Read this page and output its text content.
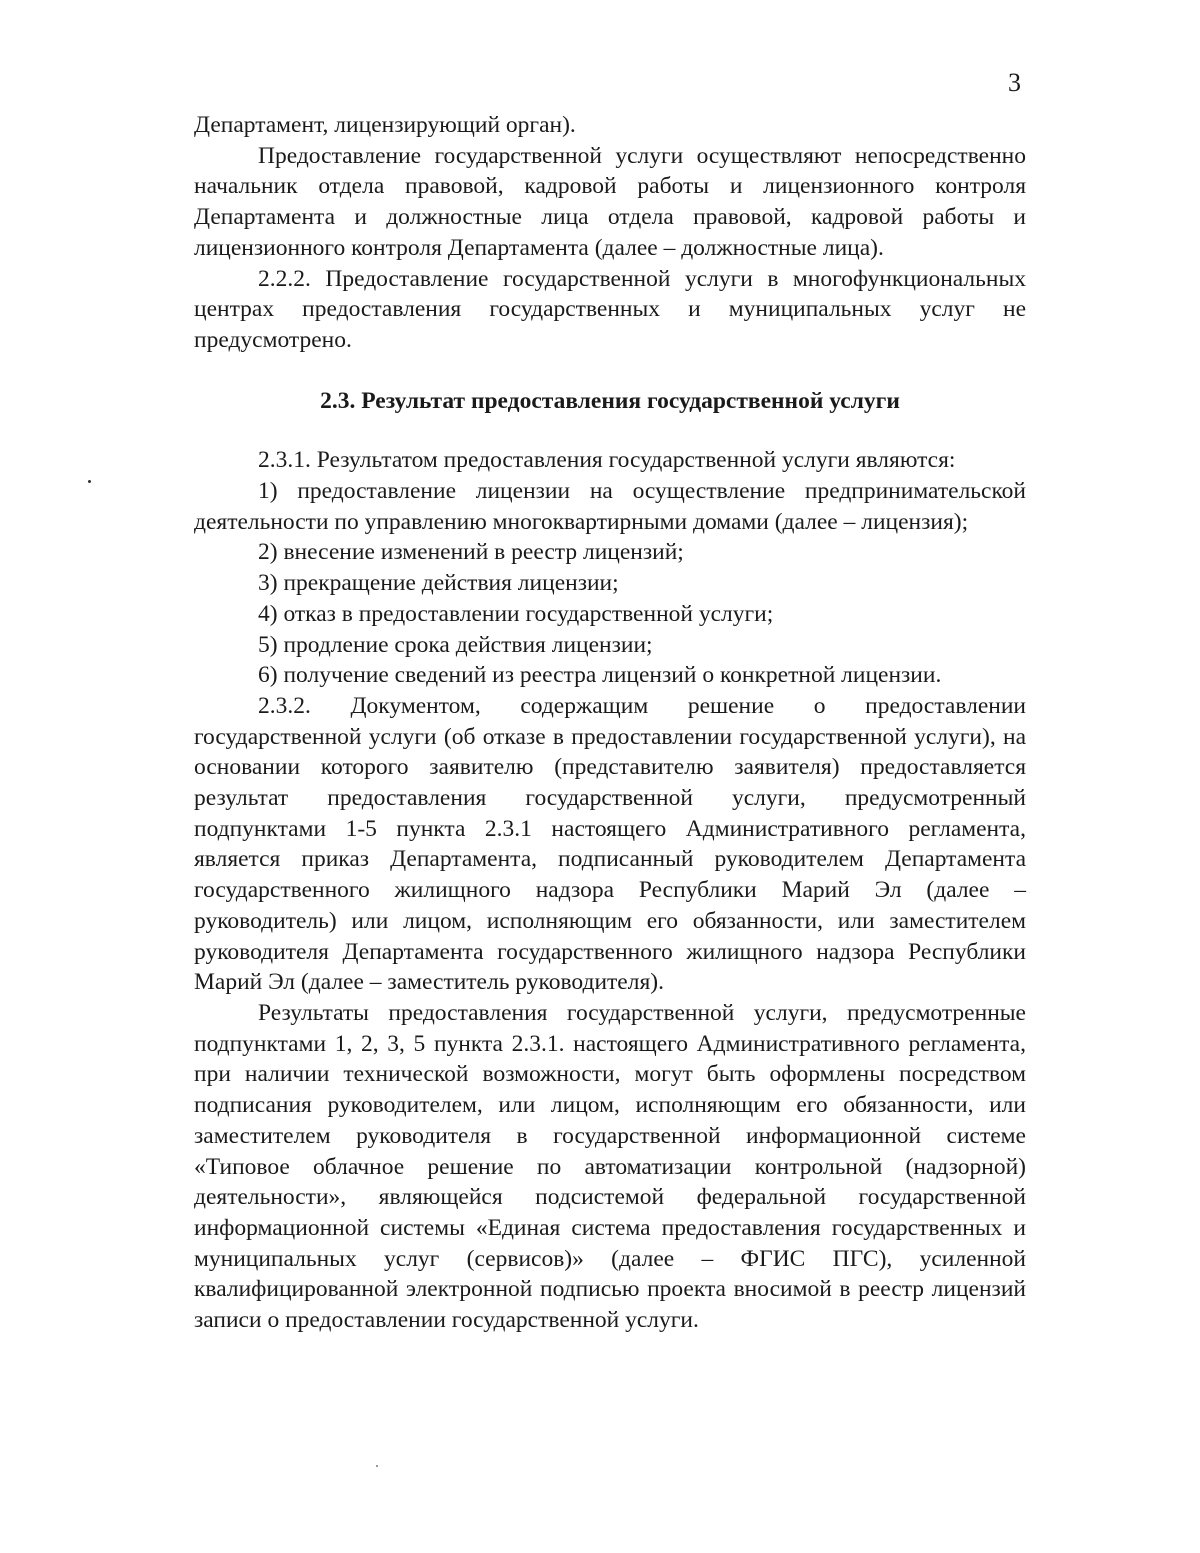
3

Департамент, лицензирующий орган).

Предоставление государственной услуги осуществляют непосредственно начальник отдела правовой, кадровой работы и лицензионного контроля Департамента и должностные лица отдела правовой, кадровой работы и лицензионного контроля Департамента (далее – должностные лица).

2.2.2. Предоставление государственной услуги в многофункциональных центрах предоставления государственных и муниципальных услуг не предусмотрено.

2.3. Результат предоставления государственной услуги

2.3.1. Результатом предоставления государственной услуги являются:

1) предоставление лицензии на осуществление предпринимательской деятельности по управлению многоквартирными домами (далее – лицензия);

2) внесение изменений в реестр лицензий;

3) прекращение действия лицензии;

4) отказ в предоставлении государственной услуги;

5) продление срока действия лицензии;

6) получение сведений из реестра лицензий о конкретной лицензии.

2.3.2. Документом, содержащим решение о предоставлении государственной услуги (об отказе в предоставлении государственной услуги), на основании которого заявителю (представителю заявителя) предоставляется результат предоставления государственной услуги, предусмотренный подпунктами 1-5 пункта 2.3.1 настоящего Административного регламента, является приказ Департамента, подписанный руководителем Департамента государственного жилищного надзора Республики Марий Эл (далее – руководитель) или лицом, исполняющим его обязанности, или заместителем руководителя Департамента государственного жилищного надзора Республики Марий Эл (далее – заместитель руководителя).

Результаты предоставления государственной услуги, предусмотренные подпунктами 1, 2, 3, 5 пункта 2.3.1. настоящего Административного регламента, при наличии технической возможности, могут быть оформлены посредством подписания руководителем, или лицом, исполняющим его обязанности, или заместителем руководителя в государственной информационной системе «Типовое облачное решение по автоматизации контрольной (надзорной) деятельности», являющейся подсистемой федеральной государственной информационной системы «Единая система предоставления государственных и муниципальных услуг (сервисов)» (далее – ФГИС ПГС), усиленной квалифицированной электронной подписью проекта вносимой в реестр лицензий записи о предоставлении государственной услуги.
